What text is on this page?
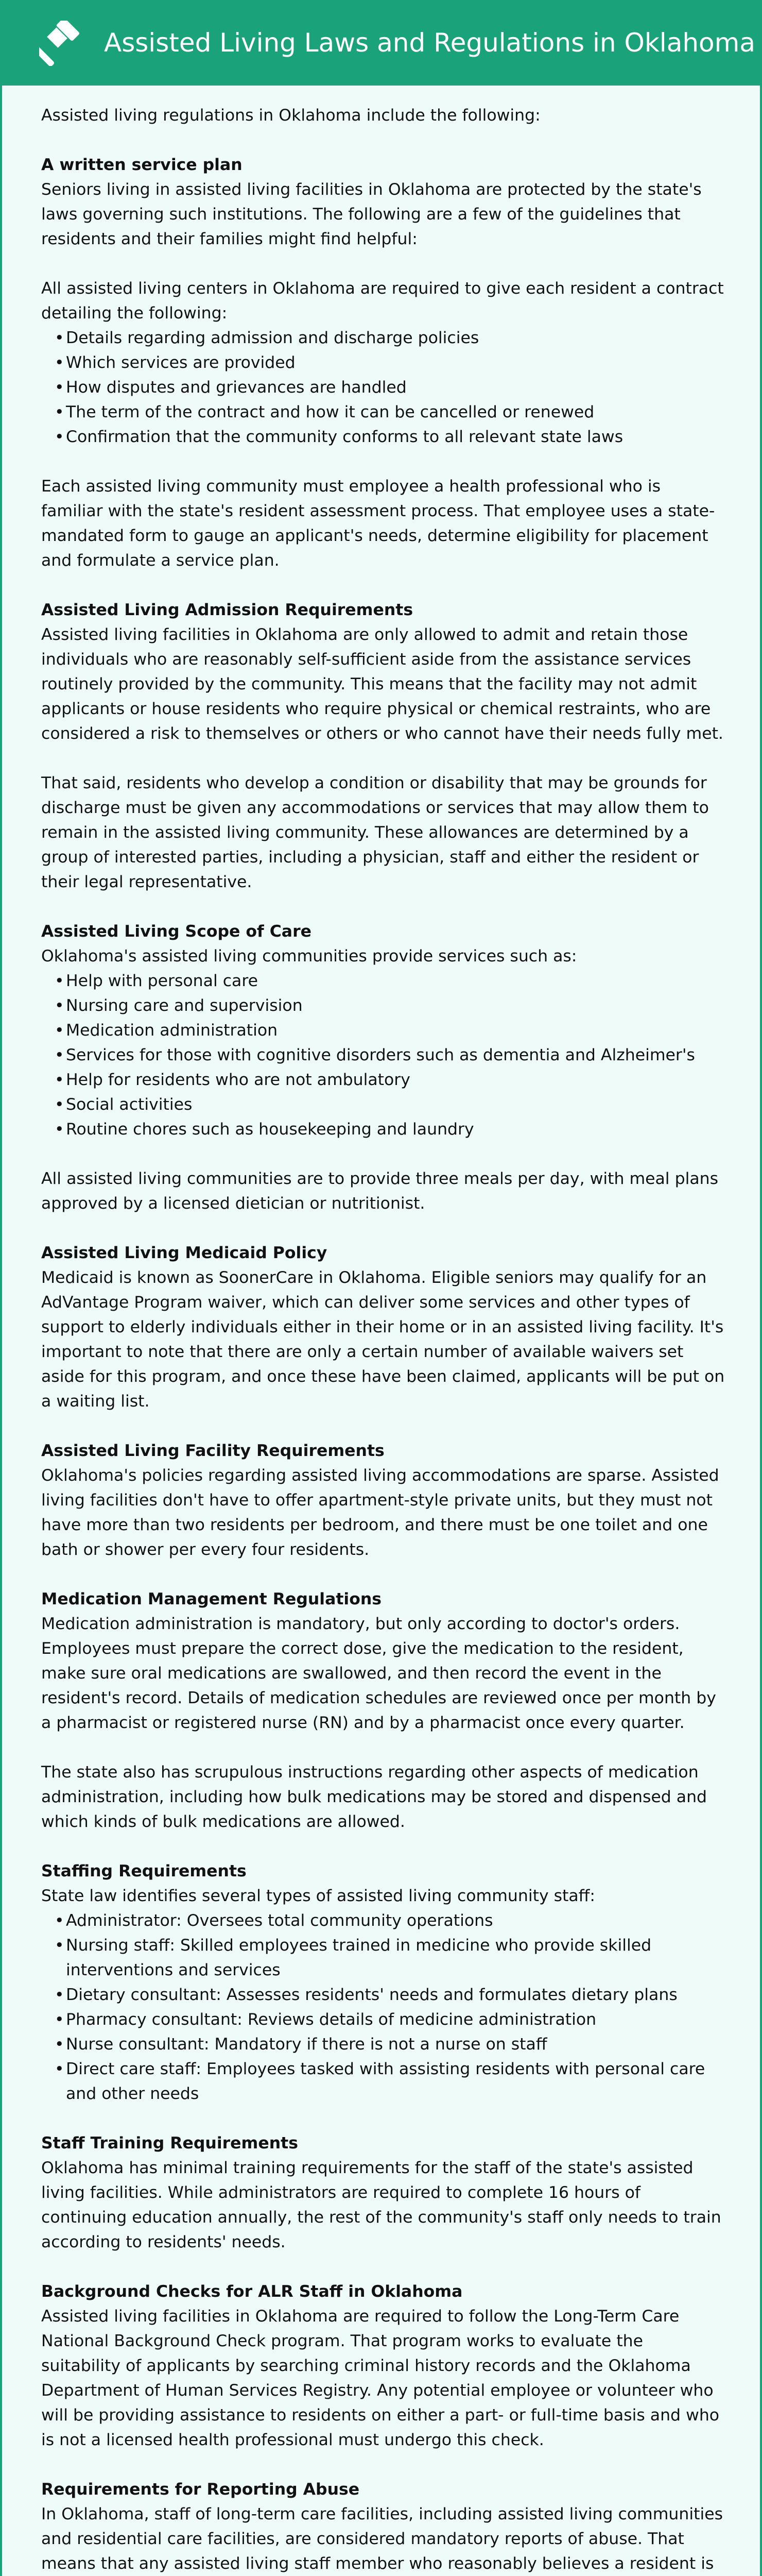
Assisted Living Laws and Regulations in Oklahoma

Assisted living regulations in Oklahoma include the following:

A written service plan

Seniors living in assisted living facilities in Oklahoma are protected by the state's laws governing such institutions. The following are a few of the guidelines that residents and their families might find helpful:

All assisted living centers in Oklahoma are required to give each resident a contract detailing the following:

• Details regarding admission and discharge policies
• Which services are provided
• How disputes and grievances are handled
• The term of the contract and how it can be cancelled or renewed
• Confirmation that the community conforms to all relevant state laws

Each assisted living community must employee a health professional who is familiar with the state's resident assessment process. That employee uses a state-mandated form to gauge an applicant's needs, determine eligibility for placement and formulate a service plan.

Assisted Living Admission Requirements

Assisted living facilities in Oklahoma are only allowed to admit and retain those individuals who are reasonably self-sufficient aside from the assistance services routinely provided by the community. This means that the facility may not admit applicants or house residents who require physical or chemical restraints, who are considered a risk to themselves or others or who cannot have their needs fully met.

That said, residents who develop a condition or disability that may be grounds for discharge must be given any accommodations or services that may allow them to remain in the assisted living community. These allowances are determined by a group of interested parties, including a physician, staff and either the resident or their legal representative.

Assisted Living Scope of Care

Oklahoma's assisted living communities provide services such as:

• Help with personal care
• Nursing care and supervision
• Medication administration
• Services for those with cognitive disorders such as dementia and Alzheimer's
• Help for residents who are not ambulatory
• Social activities
• Routine chores such as housekeeping and laundry

All assisted living communities are to provide three meals per day, with meal plans approved by a licensed dietician or nutritionist.

Assisted Living Medicaid Policy

Medicaid is known as SoonerCare in Oklahoma. Eligible seniors may qualify for an AdVantage Program waiver, which can deliver some services and other types of support to elderly individuals either in their home or in an assisted living facility. It's important to note that there are only a certain number of available waivers set aside for this program, and once these have been claimed, applicants will be put on a waiting list.

Assisted Living Facility Requirements

Oklahoma's policies regarding assisted living accommodations are sparse. Assisted living facilities don't have to offer apartment-style private units, but they must not have more than two residents per bedroom, and there must be one toilet and one bath or shower per every four residents.

Medication Management Regulations

Medication administration is mandatory, but only according to doctor's orders. Employees must prepare the correct dose, give the medication to the resident, make sure oral medications are swallowed, and then record the event in the resident's record. Details of medication schedules are reviewed once per month by a pharmacist or registered nurse (RN) and by a pharmacist once every quarter.

The state also has scrupulous instructions regarding other aspects of medication administration, including how bulk medications may be stored and dispensed and which kinds of bulk medications are allowed.

Staffing Requirements

State law identifies several types of assisted living community staff:

• Administrator: Oversees total community operations
• Nursing staff: Skilled employees trained in medicine who provide skilled interventions and services
• Dietary consultant: Assesses residents' needs and formulates dietary plans
• Pharmacy consultant: Reviews details of medicine administration
• Nurse consultant: Mandatory if there is not a nurse on staff
• Direct care staff: Employees tasked with assisting residents with personal care and other needs
Staff Training Requirements

Oklahoma has minimal training requirements for the staff of the state's assisted living facilities. While administrators are required to complete 16 hours of continuing education annually, the rest of the community's staff only needs to train according to residents' needs.

Background Checks for ALR Staff in Oklahoma

Assisted living facilities in Oklahoma are required to follow the Long-Term Care National Background Check program. That program works to evaluate the suitability of applicants by searching criminal history records and the Oklahoma Department of Human Services Registry. Any potential employee or volunteer who will be providing assistance to residents on either a part- or full-time basis and who is not a licensed health professional must undergo this check.

Requirements for Reporting Abuse

In Oklahoma, staff of long-term care facilities, including assisted living communities and residential care facilities, are considered mandatory reports of abuse. That means that any assisted living staff member who reasonably believes a resident is
